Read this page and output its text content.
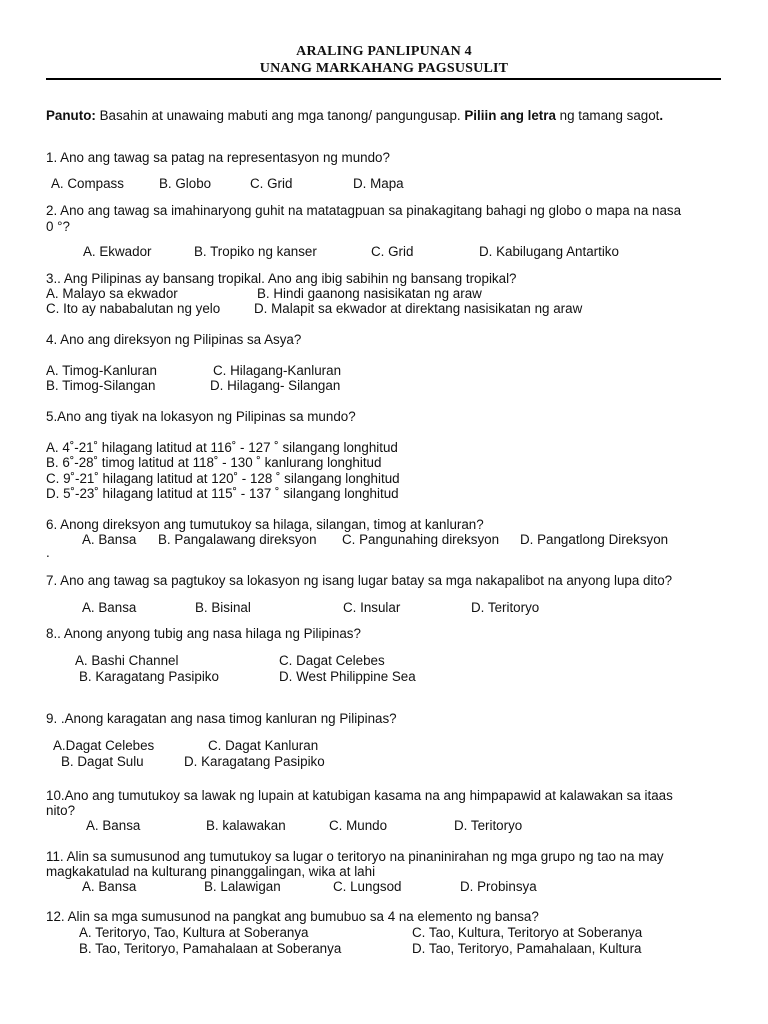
ARALING PANLIPUNAN 4
UNANG MARKAHANG PAGSUSULIT
Panuto: Basahin at unawaing mabuti ang mga tanong/ pangungusap. Piliin ang letra ng tamang sagot.
1. Ano ang tawag sa patag na representasyon ng mundo?
A. Compass	B. Globo	C. Grid	D. Mapa
2. Ano ang tawag sa imahinaryong guhit na matatagpuan sa pinakagitang bahagi ng globo o mapa na nasa
0 °?
A. Ekwador	B. Tropiko ng kanser	C. Grid	D. Kabilugang Antartiko
3.. Ang Pilipinas ay bansang tropikal. Ano ang ibig sabihin ng bansang tropikal?
A. Malayo sa ekwador	B. Hindi gaanong nasisikatan ng araw
C. Ito ay nababalutan ng yelo	D. Malapit sa ekwador at direktang nasisikatan ng araw
4. Ano ang direksyon ng Pilipinas sa Asya?
A. Timog-Kanluran	C. Hilagang-Kanluran
B. Timog-Silangan	D. Hilagang- Silangan
5.Ano ang tiyak na lokasyon ng Pilipinas sa mundo?
A. 4˚-21˚ hilagang latitud at 116˚ - 127 ˚ silangang longhitud
B. 6˚-28˚ timog latitud at 118˚ - 130 ˚ kanlurang longhitud
C. 9˚-21˚ hilagang latitud at 120˚ - 128 ˚ silangang longhitud
D. 5˚-23˚ hilagang latitud at 115˚ - 137 ˚ silangang longhitud
6. Anong direksyon ang tumutukoy sa hilaga, silangan, timog at kanluran?
A. Bansa B. Pangalawang direksyon C. Pangunahing direksyon D. Pangatlong Direksyon
.
7. Ano ang tawag sa pagtukoy sa lokasyon ng isang lugar batay sa mga nakapalibot na anyong lupa dito?
A. Bansa	B. Bisinal	C. Insular	D. Teritoryo
8.. Anong anyong tubig ang nasa hilaga ng Pilipinas?
A. Bashi Channel	C. Dagat Celebes
B. Karagatang Pasipiko	D. West Philippine Sea
9. .Anong karagatan ang nasa timog kanluran ng Pilipinas?
A.Dagat Celebes	C. Dagat Kanluran
B. Dagat Sulu	D. Karagatang Pasipiko
10.Ano ang tumutukoy sa lawak ng lupain at katubigan kasama na ang himpapawid at kalawakan sa itaas
nito?
A. Bansa	B. kalawakan	C. Mundo	D. Teritoryo
11. Alin sa sumusunod ang tumutukoy sa lugar o teritoryo na pinaninirahan ng mga grupo ng tao na may
magkakatulad na kulturang pinanggalingan, wika at lahi
A. Bansa	B. Lalawigan	C. Lungsod	D. Probinsya
12. Alin sa mga sumusunod na pangkat ang bumubuo sa 4 na elemento ng bansa?
A. Teritoryo, Tao, Kultura at Soberanya	C. Tao, Kultura, Teritoryo at Soberanya
B. Tao, Teritoryo, Pamahalaan at Soberanya	D. Tao, Teritoryo, Pamahalaan, Kultura
